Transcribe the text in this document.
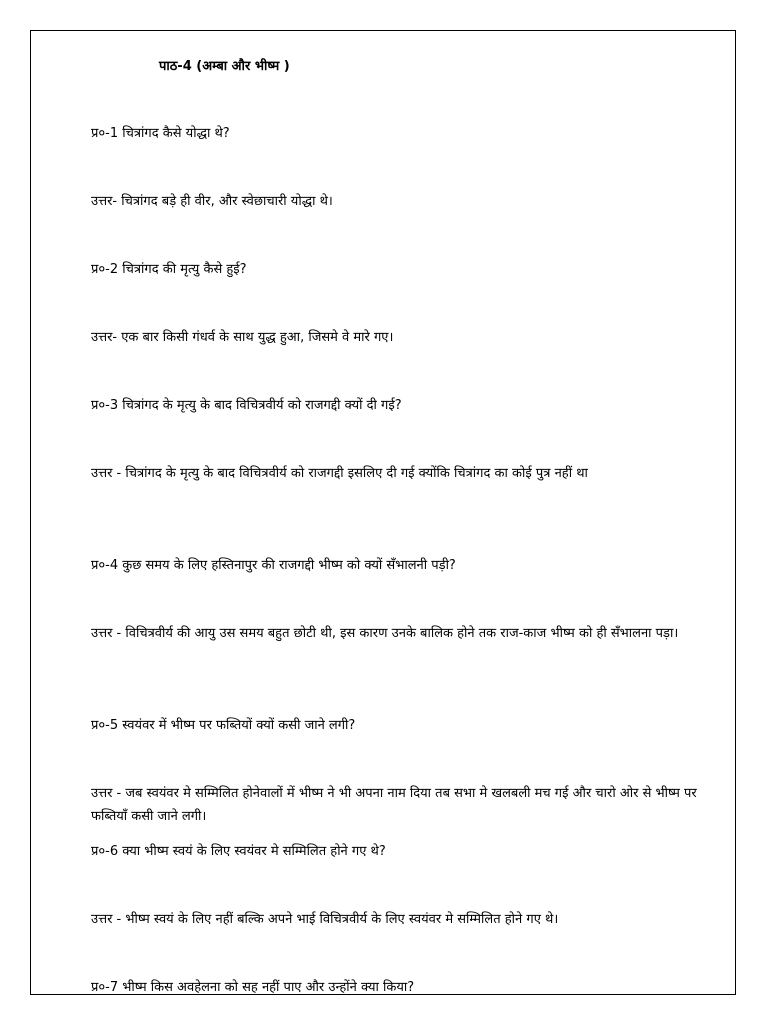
पाठ-4 (अम्बा और भीष्म )
प्र०-1 चित्रांगद कैसे योद्धा थे?
उत्तर- चित्रांगद बड़े ही वीर, और स्वेछाचारी योद्धा थे।
प्र०-2 चित्रांगद की मृत्यु कैसे हुई?
उत्तर- एक बार किसी गंधर्व के साथ युद्ध हुआ, जिसमे वे मारे गए।
प्र०-3 चित्रांगद के मृत्यु के बाद विचित्रवीर्य को राजगद्दी क्यों दी गई?
उत्तर - चित्रांगद के मृत्यु के बाद विचित्रवीर्य को राजगद्दी इसलिए दी गई क्योंकि चित्रांगद का कोई पुत्र नहीं था
प्र०-4 कुछ समय के लिए हस्तिनापुर की राजगद्दी भीष्म को क्यों सँभालनी पड़ी?
उत्तर - विचित्रवीर्य की आयु उस समय बहुत छोटी थी, इस कारण उनके बालिक होने तक राज-काज भीष्म को ही सँभालना पड़ा।
प्र०-5 स्वयंवर में भीष्म पर फब्तियों क्यों कसी जाने लगी?
उत्तर - जब स्वयंवर मे सम्मिलित होनेवालों में भीष्म ने भी अपना नाम दिया तब सभा मे खलबली मच गई और चारो ओर से भीष्म पर फब्तियाँ कसी जाने लगी।
प्र०-6 क्या भीष्म स्वयं के लिए स्वयंवर मे सम्मिलित होने गए थे?
उत्तर - भीष्म स्वयं के लिए नहीं बल्कि अपने भाई विचित्रवीर्य के लिए स्वयंवर मे सम्मिलित होने गए थे।
प्र०-7 भीष्म किस अवहेलना को सह नहीं पाए और उन्होंने क्या किया?
